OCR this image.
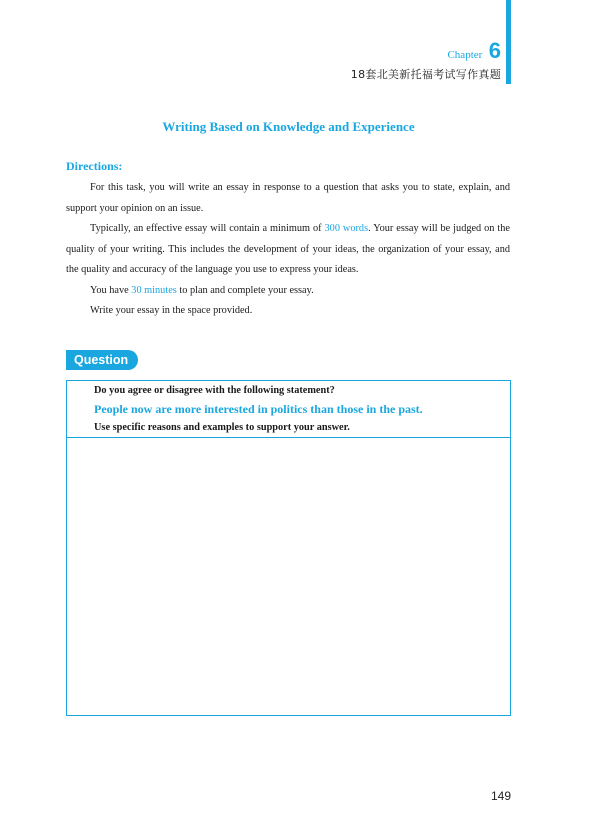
Chapter 6
18套北美新托福考试写作真题
Writing Based on Knowledge and Experience
Directions:

For this task, you will write an essay in response to a question that asks you to state, explain, and support your opinion on an issue.

Typically, an effective essay will contain a minimum of 300 words. Your essay will be judged on the quality of your writing. This includes the development of your ideas, the organization of your essay, and the quality and accuracy of the language you use to express your ideas.

You have 30 minutes to plan and complete your essay.

Write your essay in the space provided.

Question
Do you agree or disagree with the following statement?
People now are more interested in politics than those in the past.
Use specific reasons and examples to support your answer.
149
